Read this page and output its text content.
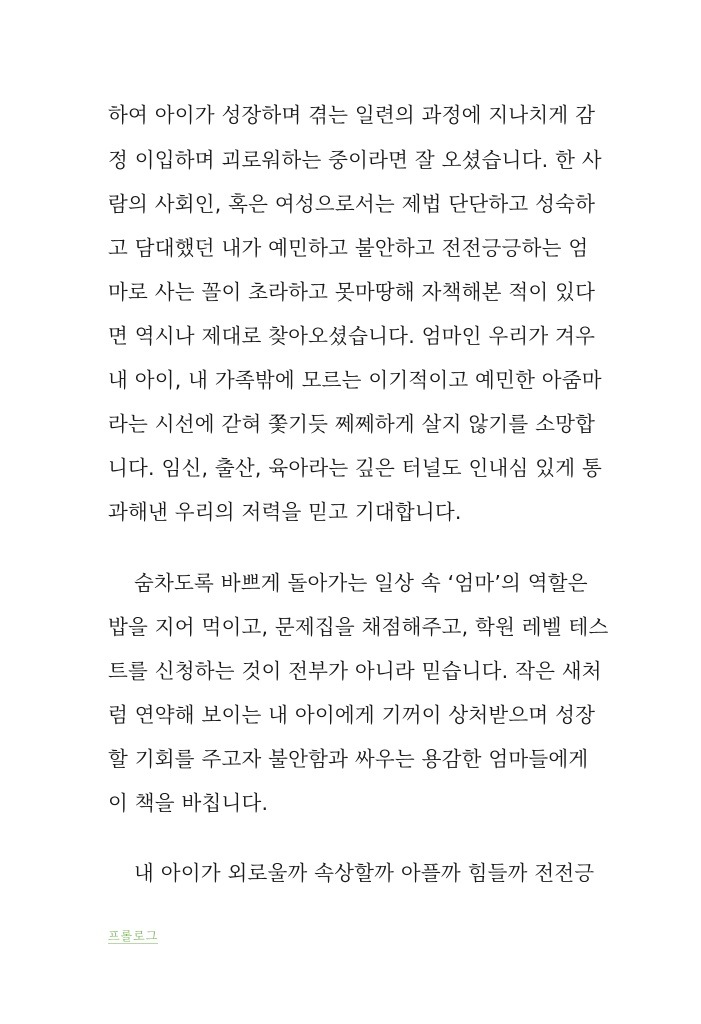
하여 아이가 성장하며 겪는 일련의 과정에 지나치게 감
정 이입하며 괴로워하는 중이라면 잘 오셨습니다. 한 사
람의 사회인, 혹은 여성으로서는 제법 단단하고 성숙하
고 담대했던 내가 예민하고 불안하고 전전긍긍하는 엄
마로 사는 꼴이 초라하고 못마땅해 자책해본 적이 있다
면 역시나 제대로 찾아오셨습니다. 엄마인 우리가 겨우
내 아이, 내 가족밖에 모르는 이기적이고 예민한 아줌마
라는 시선에 갇혀 쫓기듯 쩨쩨하게 살지 않기를 소망합
니다. 임신, 출산, 육아라는 깊은 터널도 인내심 있게 통
과해낸 우리의 저력을 믿고 기대합니다.
숨차도록 바쁘게 돌아가는 일상 속 ‘엄마’의 역할은
밥을 지어 먹이고, 문제집을 채점해주고, 학원 레벨 테스
트를 신청하는 것이 전부가 아니라 믿습니다. 작은 새처
럼 연약해 보이는 내 아이에게 기꺼이 상처받으며 성장
할 기회를 주고자 불안함과 싸우는 용감한 엄마들에게
이 책을 바칩니다.
내 아이가 외로울까 속상할까 아플까 힘들까 전전긍
프롤로그
